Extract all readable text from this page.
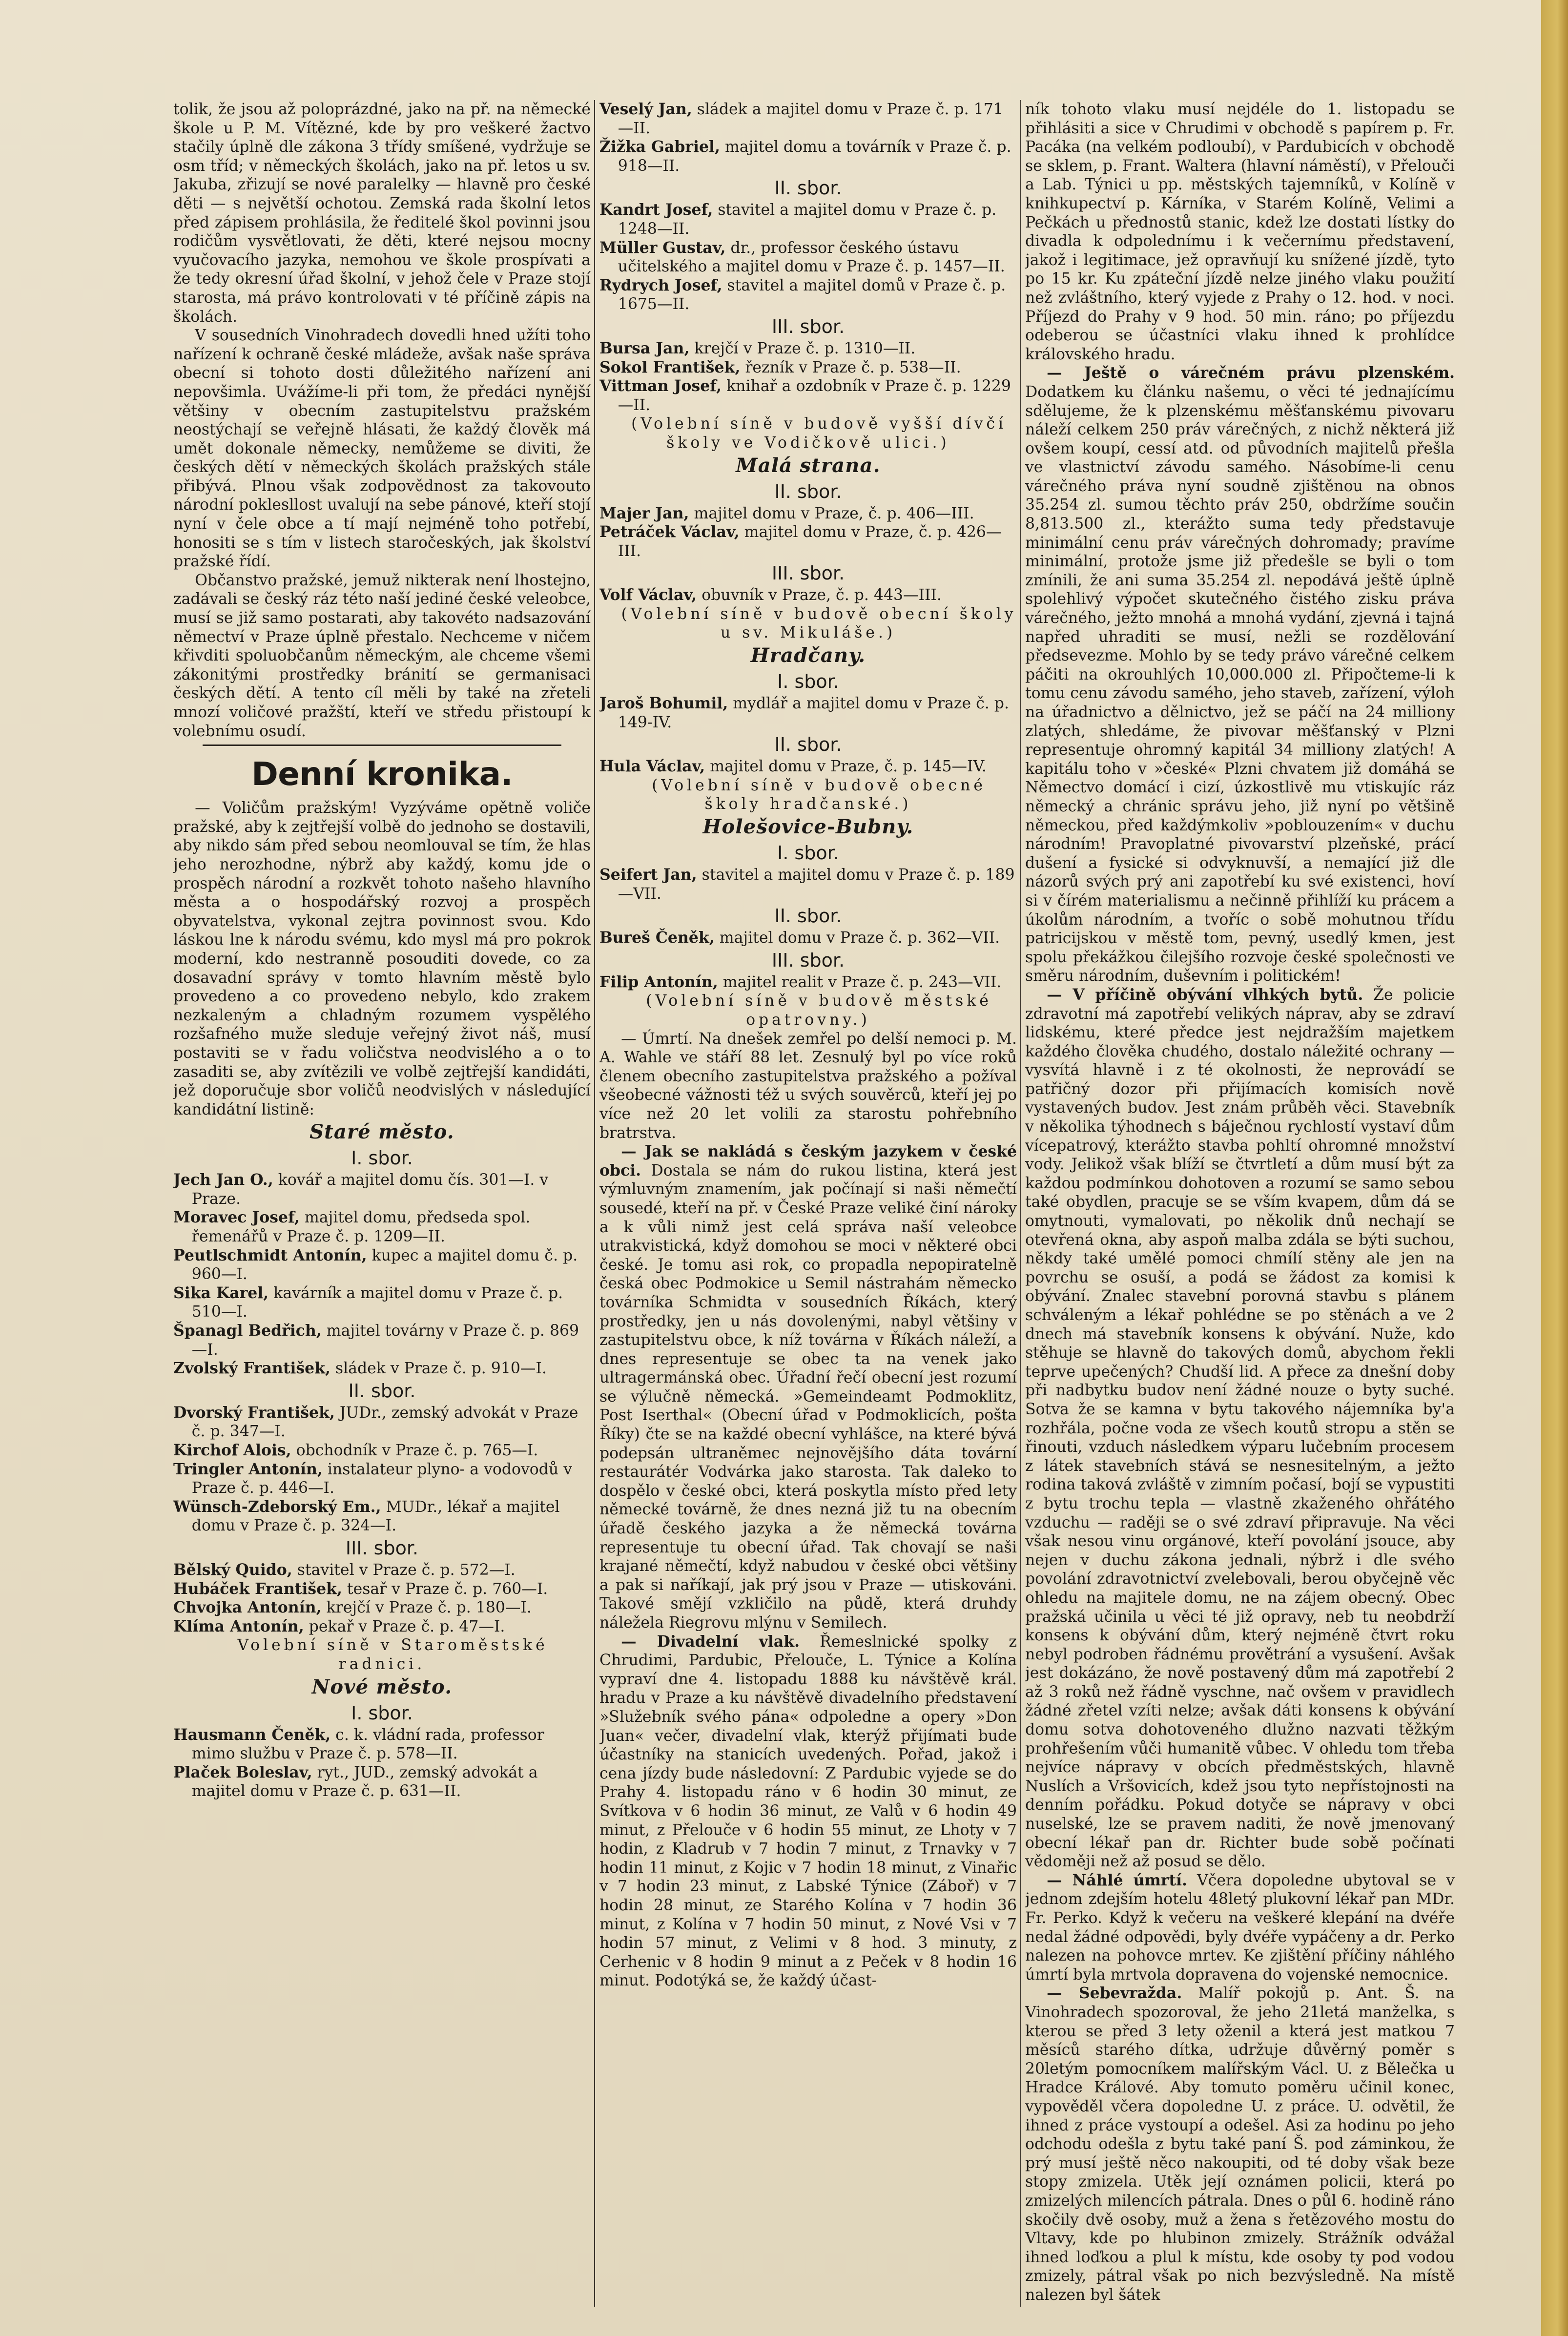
tolik, že jsou až poloprázdné, jako na př. na německé škole u P. M. Vítězné, kde by pro veškeré žactvo stačily úplně dle zákona 3 třídy smíšené, vydržuje se osm tříd; v německých školách, jako na př. letos u sv. Jakuba, zřizují se nové paralelky — hlavně pro české děti — s největší ochotou. Zemská rada školní letos před zápisem prohlásila, že ředitelé škol povinni jsou rodičům vysvětlovati, že děti, které nejsou mocny vyučovacího jazyka, nemohou ve škole prospívati a že tedy okresní úřad školní, v jehož čele v Praze stojí starosta, má právo kontrolovati v té příčině zápis na školách.

V sousedních Vinohradech dovedli hned užíti toho nařízení k ochraně české mládeže, avšak naše správa obecní si tohoto dosti důležitého nařízení ani nepovšimla. Uvážíme-li při tom, že předáci nynější většiny v obecním zastupitelstvu pražském neostýchají se veřejně hlásati, že každý člověk má umět dokonale německy, nemůžeme se diviti, že českých dětí v německých školách pražských stále přibývá. Plnou však zodpovědnost za takovouto národní poklesllost uvalují na sebe pánové, kteří stojí nyní v čele obce a tí mají nejméně toho potřebí, honositi se s tím v listech staročeských, jak školství pražské řídí.

Občanstvo pražské, jemuž nikterak není lhostejno, zadávali se český ráz této naší jediné české veleobce, musí se již samo postarati, aby takovéto nadsazování němectví v Praze úplně přestalo. Nechceme v ničem křivditi spoluobčanům německým, ale chceme všemi zákonitými prostředky bránití se germanisaci českých dětí. A tento cíl měli by také na zřeteli mnozí voličové pražští, kteří ve středu přistoupí k volebnímu osudí.

Denní kronika.

— Voličům pražským! Vyzýváme opětně voliče pražské, aby k zejtřejší volbě do jednoho se dostavili, aby nikdo sám před sebou neomlouval se tím, že hlas jeho nerozhodne, nýbrž aby každý, komu jde o prospěch národní a rozkvět tohoto našeho hlavního města a o hospodářský rozvoj a prospěch obyvatelstva, vykonal zejtra povinnost svou. Kdo láskou lne k národu svému, kdo mysl má pro pokrok moderní, kdo nestranně posouditi dovede, co za dosavadní správy v tomto hlavním městě bylo provedeno a co provedeno nebylo, kdo zrakem nezkaleným a chladným rozumem vyspělého rozšafného muže sleduje veřejný život náš, musí postaviti se v řadu voličstva neodvislého a o to zasaditi se, aby zvítězili ve volbě zejtřejší kandidáti, jež doporučuje sbor voličů neodvislých v následující kandidátní listině:

Staré město.
I. sbor.

Jech Jan O., kovář a majitel domu čís. 301—I. v Praze.

Moravec Josef, majitel domu, předseda spol. řemenářů v Praze č. p. 1209—II.

Peutlschmidt Antonín, kupec a majitel domu č. p. 960—I.

Sika Karel, kavárník a majitel domu v Praze č. p. 510—I.

Španagl Bedřich, majitel továrny v Praze č. p. 869—I.

Zvolský František, sládek v Praze č. p. 910—I.

II. sbor.

Dvorský František, JUDr., zemský advokát v Praze č. p. 347—I.

Kirchof Alois, obchodník v Praze č. p. 765—I.

Tringler Antonín, instalateur plyno- a vodovodů v Praze č. p. 446—I.

Wünsch-Zdeborský Em., MUDr., lékař a majitel domu v Praze č. p. 324—I.

III. sbor.

Bělský Quido, stavitel v Praze č. p. 572—I.

Hubáček František, tesař v Praze č. p. 760—I.

Chvojka Antonín, krejčí v Praze č. p. 180—I.

Klíma Antonín, pekař v Praze č. p. 47—I.

Volební síně v Staroměstské radnici.

Nové město.
I. sbor.

Hausmann Čeněk, c. k. vládní rada, professor mimo službu v Praze č. p. 578—II.

Plaček Boleslav, ryt., JUD., zemský advokát a majitel domu v Praze č. p. 631—II.

Veselý Jan, sládek a majitel domu v Praze č. p. 171—II.

Žižka Gabriel, majitel domu a továrník v Praze č. p. 918—II.

II. sbor.

Kandrt Josef, stavitel a majitel domu v Praze č. p. 1248—II.

Müller Gustav, dr., professor českého ústavu učitelského a majitel domu v Praze č. p. 1457—II.

Rydrych Josef, stavitel a majitel domů v Praze č. p. 1675—II.

III. sbor.

Bursa Jan, krejčí v Praze č. p. 1310—II.

Sokol František, řezník v Praze č. p. 538—II.

Vittman Josef, knihař a ozdobník v Praze č. p. 1229—II.

(Volební síně v budově vyšší dívčí školy ve Vodičkově ulici.)

Malá strana.
II. sbor.

Majer Jan, majitel domu v Praze, č. p. 406—III.

Petráček Václav, majitel domu v Praze, č. p. 426—III.

III. sbor.

Volf Václav, obuvník v Praze, č. p. 443—III.

(Volební síně v budově obecní školy u sv. Mikuláše.)

Hradčany.
I. sbor.

Jaroš Bohumil, mydlář a majitel domu v Praze č. p. 149-IV.

II. sbor.

Hula Václav, majitel domu v Praze, č. p. 145—IV.

(Volební síně v budově obecné školy hradčanské.)

Holešovice-Bubny.
I. sbor.

Seifert Jan, stavitel a majitel domu v Praze č. p. 189—VII.

II. sbor.

Bureš Čeněk, majitel domu v Praze č. p. 362—VII.

III. sbor.

Filip Antonín, majitel realit v Praze č. p. 243—VII.

(Volební síně v budově městské opatrovny.)

— Úmrtí. Na dnešek zemřel po delší nemoci p. M. A. Wahle ve stáří 88 let. Zesnulý byl po více roků členem obecního zastupitelstva pražského a požíval všeobecné vážnosti též u svých souvěrců, kteří jej po více než 20 let volili za starostu pohřebního bratrstva.

— Jak se nakládá s českým jazykem v české obci. Dostala se nám do rukou listina, která jest výmluvným znamením, jak počínají si naši němečtí sousedé, kteří na př. v České Praze veliké činí nároky a k vůli nimž jest celá správa naší veleobce utrakvistická, když domohou se moci v některé obci české. Je tomu asi rok, co propadla nepopiratelně česká obec Podmokice u Semil nástrahám německo továrníka Schmidta v sousedních Říkách, který prostředky, jen u nás dovolenými, nabyl většiny v zastupitelstvu obce, k níž továrna v Říkách náleží, a dnes representuje se obec ta na venek jako ultragermánská obec. Úřadní řečí obecní jest rozumí se výlučně německá. »Gemeindeamt Podmoklitz, Post Iserthal« (Obecní úřad v Podmoklicích, pošta Říky) čte se na každé obecní vyhlášce, na které bývá podepsán ultraněmec nejnovějšího dáta tovární restaurátér Vodvárka jako starosta. Tak daleko to dospělo v české obci, která poskytla místo před lety německé továrně, že dnes nezná již tu na obecním úřadě českého jazyka a že německá továrna representuje tu obecní úřad. Tak chovají se naši krajané němečtí, když nabudou v české obci většiny a pak si naříkají, jak prý jsou v Praze — utiskováni. Takové smějí vzkličilo na půdě, která druhdy náležela Riegrovu mlýnu v Semilech.

— Divadelní vlak. Řemeslnické spolky z Chrudimi, Pardubic, Přelouče, L. Týnice a Kolína vypraví dne 4. listopadu 1888 ku návštěvě král. hradu v Praze a ku návštěvě divadelního představení »Služebník svého pána« odpoledne a opery »Don Juan« večer, divadelní vlak, kterýž přijímati bude účastníky na stanicích uvedených. Pořad, jakož i cena jízdy bude následovní: Z Pardubic vyjede se do Prahy 4. listopadu ráno v 6 hodin 30 minut, ze Svítkova v 6 hodin 36 minut, ze Valů v 6 hodin 49 minut, z Přelouče v 6 hodin 55 minut, ze Lhoty v 7 hodin, z Kladrub v 7 hodin 7 minut, z Trnavky v 7 hodin 11 minut, z Kojic v 7 hodin 18 minut, z Vinařic v 7 hodin 23 minut, z Labské Týnice (Záboř) v 7 hodin 28 minut, ze Starého Kolína v 7 hodin 36 minut, z Kolína v 7 hodin 50 minut, z Nové Vsi v 7 hodin 57 minut, z Velimi v 8 hod. 3 minuty, z Cerhenic v 8 hodin 9 minut a z Peček v 8 hodin 16 minut. Podotýká se, že každý účast-

ník tohoto vlaku musí nejdéle do 1. listopadu se přihlásiti a sice v Chrudimi v obchodě s papírem p. Fr. Pacáka (na velkém podloubí), v Pardubicích v obchodě se sklem, p. Frant. Waltera (hlavní náměstí), v Přelouči a Lab. Týnici u pp. městských tajemníků, v Kolíně v knihkupectví p. Kárníka, v Starém Kolíně, Velimi a Pečkách u přednostů stanic, kdež lze dostati lístky do divadla k odpolednímu i k večernímu představení, jakož i legitimace, jež opravňují ku snížené jízdě, tyto po 15 kr. Ku zpáteční jízdě nelze jiného vlaku použití než zvláštního, který vyjede z Prahy o 12. hod. v noci. Příjezd do Prahy v 9 hod. 50 min. ráno; po příjezdu odeberou se účastníci vlaku ihned k prohlídce královského hradu.

— Ještě o várečném právu plzenském. Dodatkem ku článku našemu, o věci té jednajícímu sdělujeme, že k plzenskému měšťanskému pivovaru náleží celkem 250 práv várečných, z nichž některá již ovšem koupí, cessí atd. od původních majitelů přešla ve vlastnictví závodu samého. Násobíme-li cenu várečného práva nyní soudně zjištěnou na obnos 35.254 zl. sumou těchto práv 250, obdržíme součin 8,813.500 zl., kterážto suma tedy představuje minimální cenu práv várečných dohromady; pravíme minimální, protože jsme již předešle se byli o tom zmínili, že ani suma 35.254 zl. nepodává ještě úplně spolehlivý výpočet skutečného čistého zisku práva várečného, ježto mnohá a mnohá vydání, zjevná i tajná napřed uhraditi se musí, nežli se rozdělování předsevezme. Mohlo by se tedy právo várečné celkem páčiti na okrouhlých 10,000.000 zl. Připočteme-li k tomu cenu závodu samého, jeho staveb, zařízení, výloh na úřadnictvo a dělnictvo, jež se páčí na 24 milliony zlatých, shledáme, že pivovar měšťanský v Plzni representuje ohromný kapitál 34 milliony zlatých! A kapitálu toho v »české« Plzni chvatem již domáhá se Němectvo domácí i cizí, úzkostlivě mu vtiskujíc ráz německý a chránic správu jeho, již nyní po většině německou, před každýmkoliv »poblouzením« v duchu národním! Pravoplatné pivovarství plzeňské, prácí dušení a fysické si odvyknuvší, a nemající již dle názorů svých prý ani zapotřebí ku své existenci, hoví si v čírém materialismu a nečinně přihlíží ku prácem a úkolům národním, a tvoříc o sobě mohutnou třídu patricijskou v městě tom, pevný, usedlý kmen, jest spolu překážkou čilejšího rozvoje české společnosti ve směru národním, duševním i politickém!

— V příčině obývání vlhkých bytů. Že policie zdravotní má zapotřebí velikých náprav, aby se zdraví lidskému, které předce jest nejdražším majetkem každého člověka chudého, dostalo náležité ochrany — vysvítá hlavně i z té okolnosti, že neprovádí se patřičný dozor při přijímacích komisích nově vystavených budov. Jest znám průběh věci. Stavebník v několika týhodnech s báječnou rychlostí vystaví dům vícepatrový, kterážto stavba pohltí ohromné množství vody. Jelikož však blíží se čtvrtletí a dům musí být za každou podmínkou dohotoven a rozumí se samo sebou také obydlen, pracuje se se vším kvapem, dům dá se omytnouti, vymalovati, po několik dnů nechají se otevřená okna, aby aspoň malba zdála se býti suchou, někdy také umělé pomoci chmílí stěny ale jen na povrchu se osuší, a podá se žádost za komisi k obývání. Znalec stavební porovná stavbu s plánem schváleným a lékař pohlédne se po stěnách a ve 2 dnech má stavebník konsens k obývání. Nuže, kdo stěhuje se hlavně do takových domů, abychom řekli teprve upečených? Chudší lid. A přece za dnešní doby při nadbytku budov není žádné nouze o byty suché. Sotva že se kamna v bytu takového nájemníka by'a rozhřála, počne voda ze všech koutů stropu a stěn se řinouti, vzduch následkem výparu lučebním procesem z látek stavebních stává se nesnesitelným, a ježto rodina taková zvláště v zimním počasí, bojí se vypustiti z bytu trochu tepla — vlastně zkaženého ohřátého vzduchu — raději se o své zdraví připravuje. Na věci však nesou vinu orgánové, kteří povolání jsouce, aby nejen v duchu zákona jednali, nýbrž i dle svého povolání zdravotnictví zvelebovali, berou obyčejně věc ohledu na majitele domu, ne na zájem obecný. Obec pražská učinila u věci té již opravy, neb tu neobdrží konsens k obývání dům, který nejméně čtvrt roku nebyl podroben řádnému provětrání a vysušení. Avšak jest dokázáno, že nově postavený dům má zapotřebí 2 až 3 roků než řádně vyschne, nač ovšem v pravidlech žádné zřetel vzíti nelze; avšak dáti konsens k obývání domu sotva dohotoveného dlužno nazvati těžkým prohřešením vůči humanitě vůbec. V ohledu tom třeba nejvíce nápravy v obcích předměstských, hlavně Nuslích a Vršovicích, kdež jsou tyto nepřístojnosti na denním pořádku. Pokud dotyče se nápravy v obci nuselské, lze se pravem naditi, že nově jmenovaný obecní lékař pan dr. Richter bude sobě počínati vědoměji než až posud se dělo.

— Náhlé úmrtí. Včera dopoledne ubytoval se v jednom zdejším hotelu 48letý plukovní lékař pan MDr. Fr. Perko. Když k večeru na veškeré klepání na dvéře nedal žádné odpovědi, byly dvéře vypáčeny a dr. Perko nalezen na pohovce mrtev. Ke zjištění příčiny náhlého úmrtí byla mrtvola dopravena do vojenské nemocnice.

— Sebevražda. Malíř pokojů p. Ant. Š. na Vinohradech spozoroval, že jeho 21letá manželka, s kterou se před 3 lety oženil a která jest matkou 7 měsíců starého dítka, udržuje důvěrný poměr s 20letým pomocníkem malířským Václ. U. z Bělečka u Hradce Králové. Aby tomuto poměru učinil konec, vypověděl včera dopoledne U. z práce. U. odvětil, že ihned z práce vystoupí a odešel. Asi za hodinu po jeho odchodu odešla z bytu také paní Š. pod záminkou, že prý musí ještě něco nakoupiti, od té doby však beze stopy zmizela. Utěk její oznámen policii, která po zmizelých milencích pátrala. Dnes o půl 6. hodině ráno skočily dvě osoby, muž a žena s řetězového mostu do Vltavy, kde po hlubinon zmizely. Strážník odvážal ihned loďkou a plul k místu, kde osoby ty pod vodou zmizely, pátral však po nich bezvýsledně. Na místě nalezen byl šátek
